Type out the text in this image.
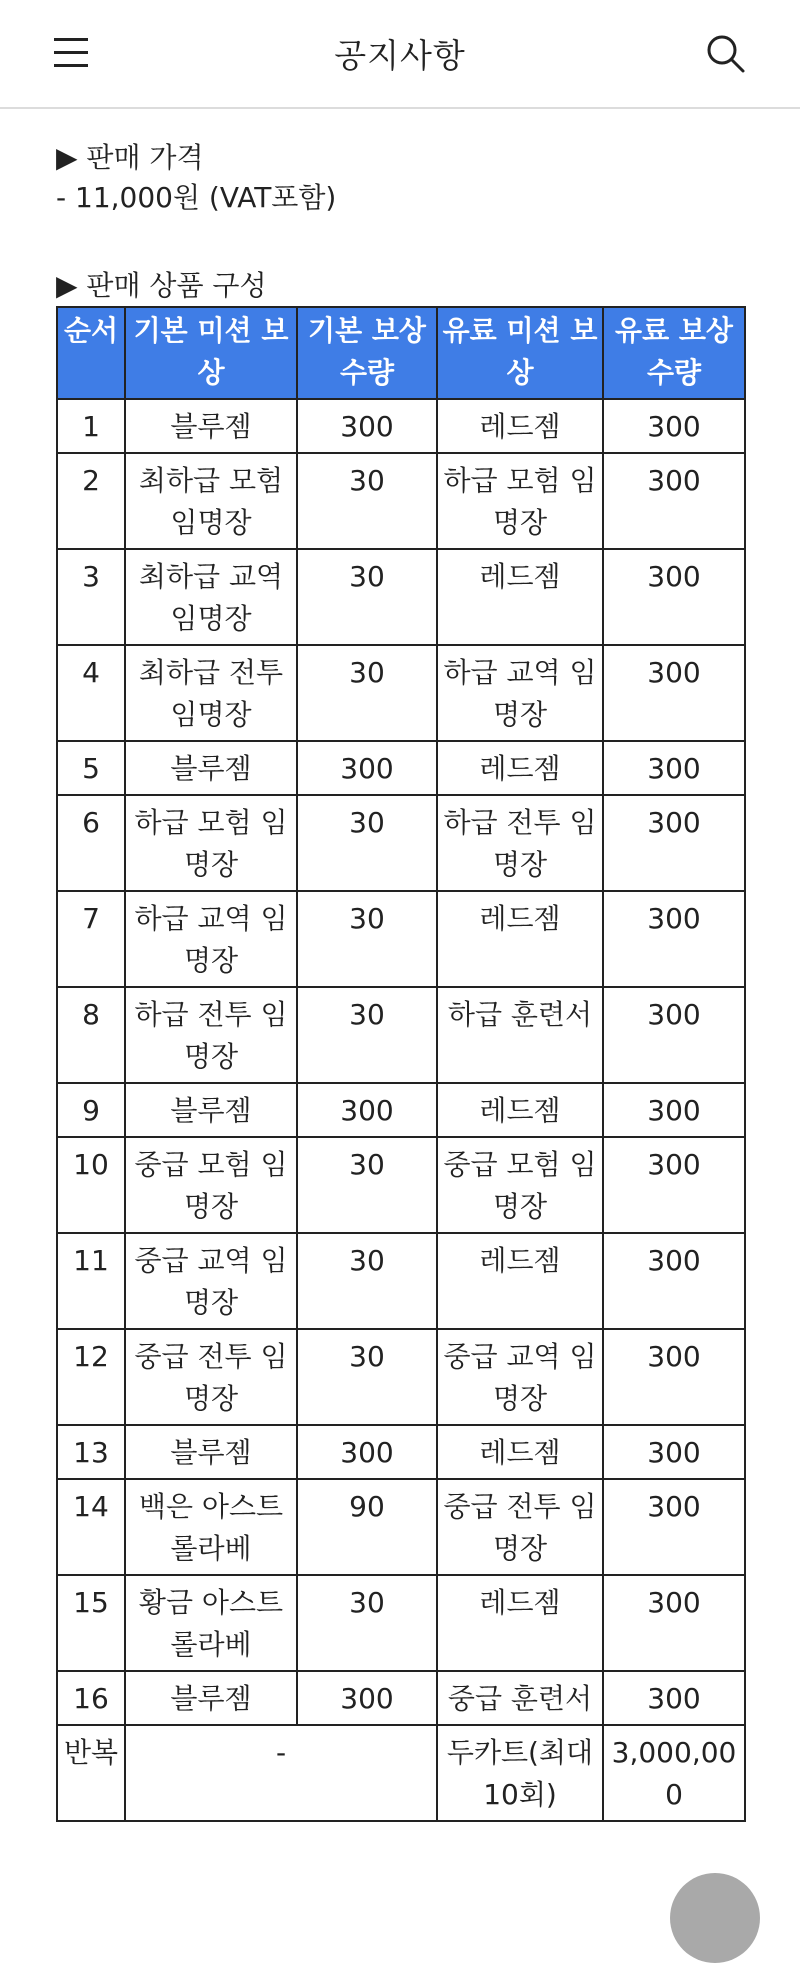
공지사항

▶ 판매 가격

- 11,000원 (VAT포함)

▶ 판매 상품 구성

순서	기본 미션 보상	기본 보상 수량	유료 미션 보상	유료 보상 수량
1	블루젬	300	레드젬	300
2	최하급 모험 임명장	30	하급 모험 임명장	300
3	최하급 교역 임명장	30	레드젬	300
4	최하급 전투 임명장	30	하급 교역 임명장	300
5	블루젬	300	레드젬	300
6	하급 모험 임명장	30	하급 전투 임명장	300
7	하급 교역 임명장	30	레드젬	300
8	하급 전투 임명장	30	하급 훈련서	300
9	블루젬	300	레드젬	300
10	중급 모험 임명장	30	중급 모험 임명장	300
11	중급 교역 임명장	30	레드젬	300
12	중급 전투 임명장	30	중급 교역 임명장	300
13	블루젬	300	레드젬	300
14	백은 아스트롤라베	90	중급 전투 임명장	300
15	황금 아스트롤라베	30	레드젬	300
16	블루젬	300	중급 훈련서	300
반복	-		두카트(최대 10회)	3,000,000
